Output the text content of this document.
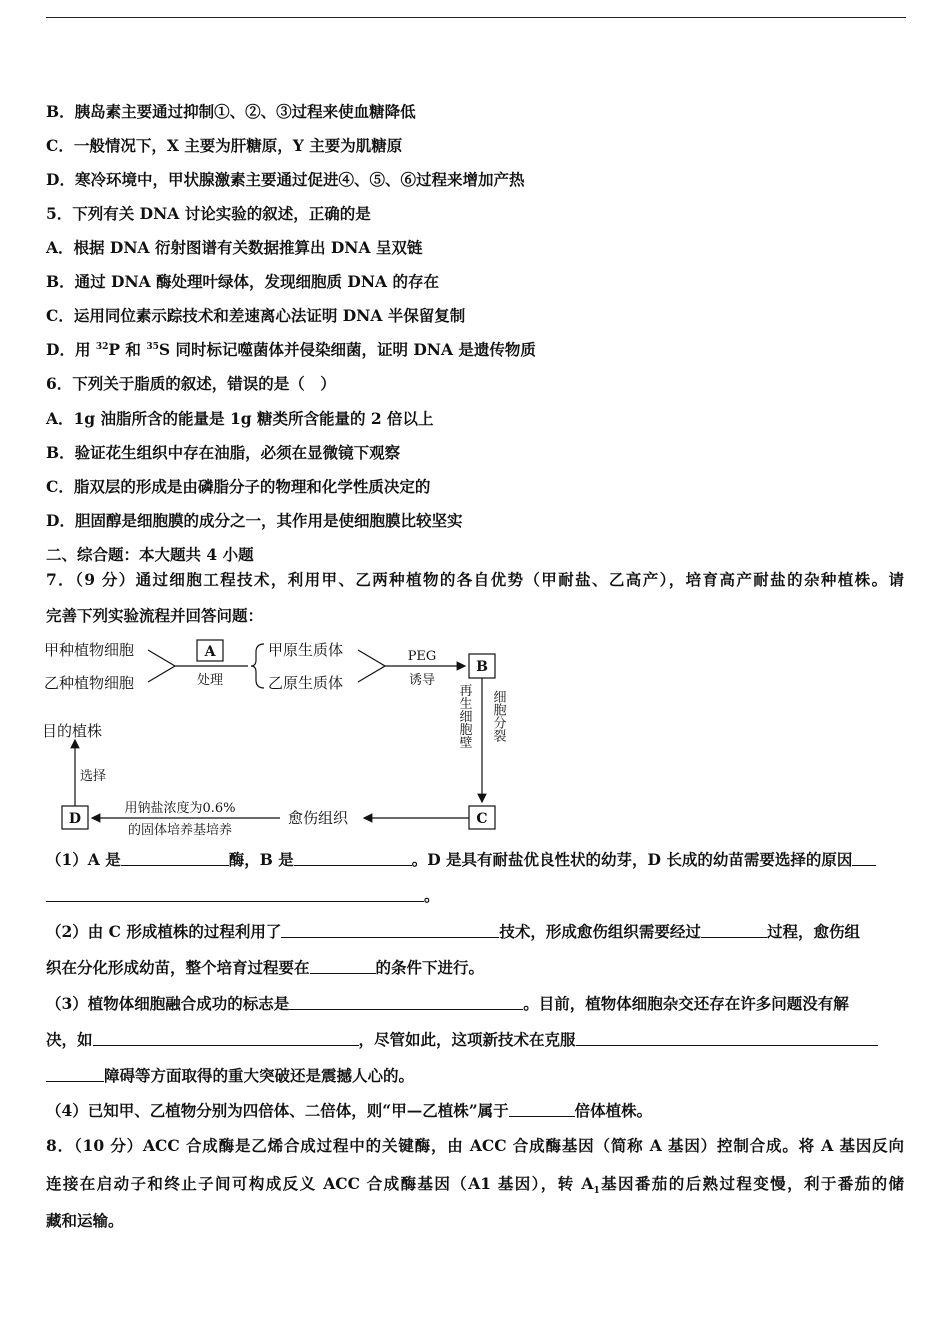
B．胰岛素主要通过抑制①、②、③过程来使血糖降低
C．一般情况下，X 主要为肝糖原，Y 主要为肌糖原
D．寒冷环境中，甲状腺激素主要通过促进④、⑤、⑥过程来增加产热
5．下列有关 DNA 讨论实验的叙述，正确的是
A．根据 DNA 衍射图谱有关数据推算出 DNA 呈双链
B．通过 DNA 酶处理叶绿体，发现细胞质 DNA 的存在
C．运用同位素示踪技术和差速离心法证明 DNA 半保留复制
D．用 $^{32}$P 和 $^{35}$S 同时标记噬菌体并侵染细菌，证明 DNA 是遗传物质
6．下列关于脂质的叙述，错误的是（　）
A．1g 油脂所含的能量是 1g 糖类所含能量的 2 倍以上
B．验证花生组织中存在油脂，必须在显微镜下观察
C．脂双层的形成是由磷脂分子的物理和化学性质决定的
D．胆固醇是细胞膜的成分之一，其作用是使细胞膜比较坚实
二、综合题：本大题共 4 小题
7．（9 分）通过细胞工程技术，利用甲、乙两种植物的各自优势（甲耐盐、乙高产），培育高产耐盐的杂种植株。请
完善下列实验流程并回答问题：
甲种植物细胞
乙种植物细胞
A
处理
甲原生质体
乙原生质体
PEG
诱导
B
再生细胞壁 细胞分裂
C
愈伤组织
用钠盐浓度为0.6%
的固体培养基培养
D
选择
目的植株
（1）A 是	酶，B 是	。D 是具有耐盐优良性状的幼芽，D 长成的幼苗需要选择的原因
。
（2）由 C 形成植株的过程利用了	技术，形成愈伤组织需要经过	过程，愈伤组
织在分化形成幼苗，整个培育过程要在	的条件下进行。
（3）植物体细胞融合成功的标志是	。目前，植物体细胞杂交还存在许多问题没有解
决，如	，尽管如此，这项新技术在克服
障碍等方面取得的重大突破还是震撼人心的。
（4）已知甲、乙植物分别为四倍体、二倍体，则“甲—乙植株”属于	倍体植株。
8．（10 分）ACC 合成酶是乙烯合成过程中的关键酶，由 ACC 合成酶基因（简称 A 基因）控制合成。将 A 基因反向
连接在启动子和终止子间可构成反义 ACC 合成酶基因（A1 基因），转 $A_1$基因番茄的后熟过程变慢，利于番茄的储
藏和运输。
